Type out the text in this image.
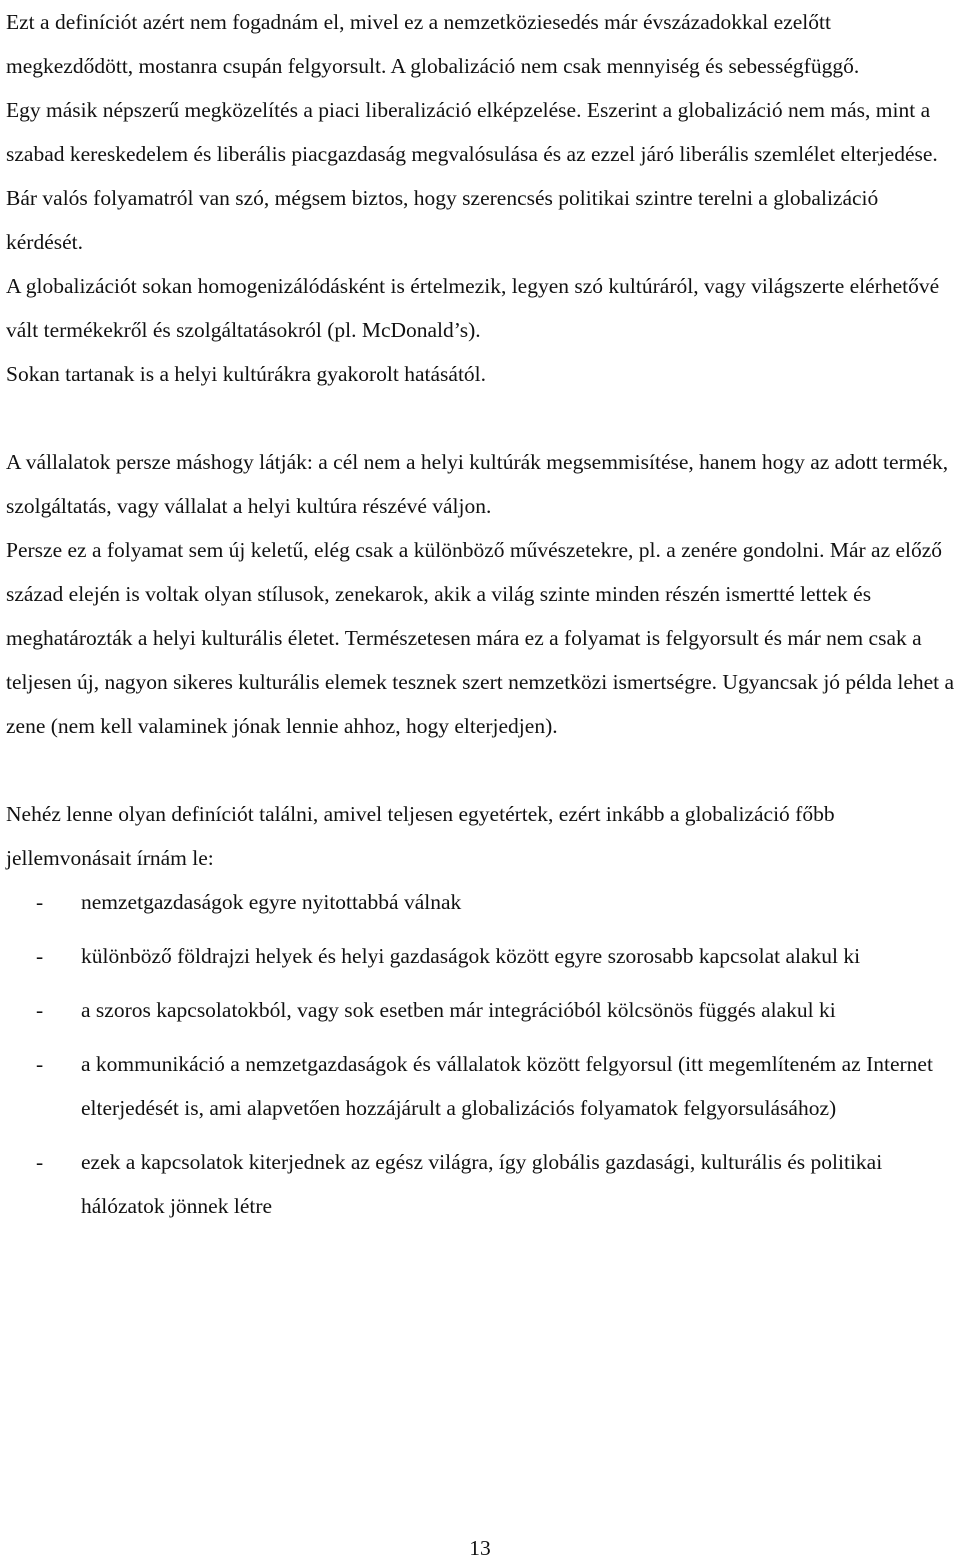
Ezt a definíciót azért nem fogadnám el, mivel ez a nemzetköziesedés már évszázadokkal ezelőtt megkezdődött, mostanra csupán felgyorsult. A globalizáció nem csak mennyiség és sebességfüggő.

Egy másik népszerű megközelítés a piaci liberalizáció elképzelése. Eszerint a globalizáció nem más, mint a szabad kereskedelem és liberális piacgazdaság megvalósulása és az ezzel járó liberális szemlélet elterjedése. Bár valós folyamatról van szó, mégsem biztos, hogy szerencsés politikai szintre terelni a globalizáció kérdését.

A globalizációt sokan homogenizálódásként is értelmezik, legyen szó kultúráról, vagy világszerte elérhetővé vált termékekről és szolgáltatásokról (pl. McDonald’s).

Sokan tartanak is a helyi kultúrákra gyakorolt hatásától.

A vállalatok persze máshogy látják: a cél nem a helyi kultúrák megsemmisítése, hanem hogy az adott termék, szolgáltatás, vagy vállalat a helyi kultúra részévé váljon.

Persze ez a folyamat sem új keletű, elég csak a különböző művészetekre, pl. a zenére gondolni. Már az előző század elején is voltak olyan stílusok, zenekarok, akik a világ szinte minden részén ismertté lettek és meghatározták a helyi kulturális életet. Természetesen mára ez a folyamat is felgyorsult és már nem csak a teljesen új, nagyon sikeres kulturális elemek tesznek szert nemzetközi ismertségre. Ugyancsak jó példa lehet a zene (nem kell valaminek jónak lennie ahhoz, hogy elterjedjen).

Nehéz lenne olyan definíciót találni, amivel teljesen egyetértek, ezért inkább a globalizáció főbb jellemvonásait írnám le:

-	nemzetgazdaságok egyre nyitottabbá válnak
-	különböző földrajzi helyek és helyi gazdaságok között egyre szorosabb kapcsolat alakul ki
-	a szoros kapcsolatokból, vagy sok esetben már integrációból kölcsönös függés alakul ki
-	a kommunikáció a nemzetgazdaságok és vállalatok között felgyorsul (itt megemlíteném az Internet elterjedését is, ami alapvetően hozzájárult a globalizációs folyamatok felgyorsulásához)
-	ezek a kapcsolatok kiterjednek az egész világra, így globális gazdasági, kulturális és politikai hálózatok jönnek létre
13
